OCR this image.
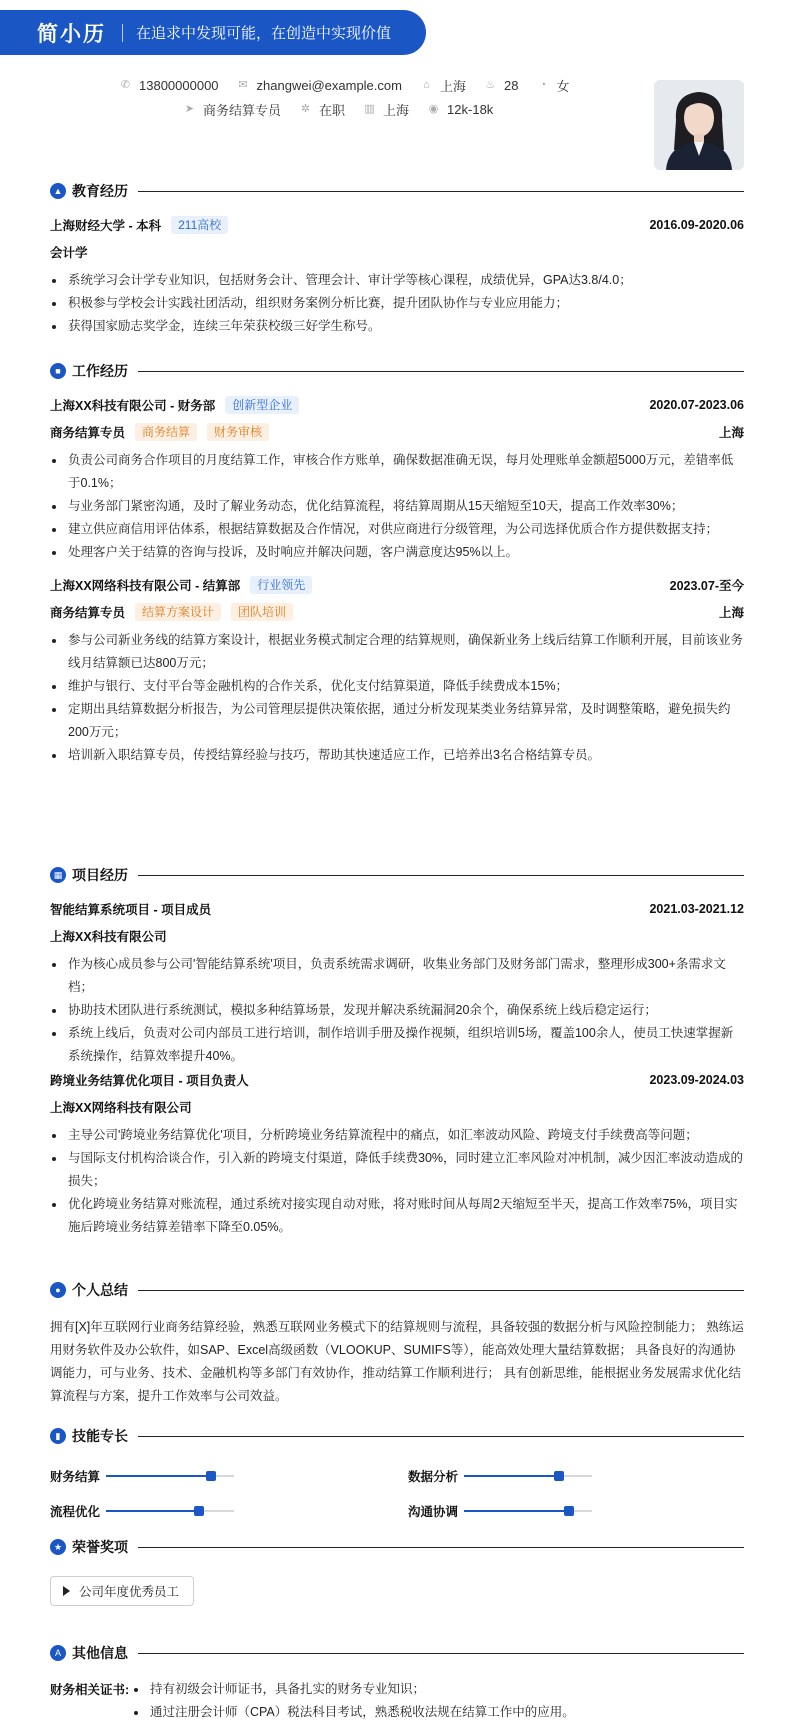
简小历 在追求中发现可能，在创造中实现价值
✆ 13800000000 ✉ zhangwei@example.com ⌂ 上海 ♨ 28 ◔ 女
➤ 商务结算专员 ✲ 在职 ▥ 上海 ◉ 12k-18k
▲ 教育经历
上海财经大学 - 本科	211高校	2016.09-2020.06
会计学
系统学习会计学专业知识，包括财务会计、管理会计、审计学等核心课程，成绩优异，GPA达3.8/4.0；
积极参与学校会计实践社团活动，组织财务案例分析比赛，提升团队协作与专业应用能力；
获得国家励志奖学金，连续三年荣获校级三好学生称号。
■ 工作经历
上海XX科技有限公司 - 财务部	创新型企业	2020.07-2023.06
商务结算专员	商务结算	财务审核	上海
负责公司商务合作项目的月度结算工作，审核合作方账单，确保数据准确无误，每月处理账单金额超5000万元，差错率低于0.1%；
与业务部门紧密沟通，及时了解业务动态，优化结算流程，将结算周期从15天缩短至10天，提高工作效率30%；
建立供应商信用评估体系，根据结算数据及合作情况，对供应商进行分级管理，为公司选择优质合作方提供数据支持；
处理客户关于结算的咨询与投诉，及时响应并解决问题，客户满意度达95%以上。
上海XX网络科技有限公司 - 结算部	行业领先	2023.07-至今
商务结算专员	结算方案设计	团队培训	上海
参与公司新业务线的结算方案设计，根据业务模式制定合理的结算规则，确保新业务上线后结算工作顺利开展，目前该业务线月结算额已达800万元；
维护与银行、支付平台等金融机构的合作关系，优化支付结算渠道，降低手续费成本15%；
定期出具结算数据分析报告，为公司管理层提供决策依据，通过分析发现某类业务结算异常，及时调整策略，避免损失约200万元；
培训新入职结算专员，传授结算经验与技巧，帮助其快速适应工作，已培养出3名合格结算专员。
▦ 项目经历
智能结算系统项目 - 项目成员	2021.03-2021.12
上海XX科技有限公司
作为核心成员参与公司'智能结算系统'项目，负责系统需求调研，收集业务部门及财务部门需求，整理形成300+条需求文档；
协助技术团队进行系统测试，模拟多种结算场景，发现并解决系统漏洞20余个，确保系统上线后稳定运行；
系统上线后，负责对公司内部员工进行培训，制作培训手册及操作视频，组织培训5场，覆盖100余人，使员工快速掌握新系统操作，结算效率提升40%。
跨境业务结算优化项目 - 项目负责人	2023.09-2024.03
上海XX网络科技有限公司
主导公司'跨境业务结算优化'项目，分析跨境业务结算流程中的痛点，如汇率波动风险、跨境支付手续费高等问题；
与国际支付机构洽谈合作，引入新的跨境支付渠道，降低手续费30%，同时建立汇率风险对冲机制，减少因汇率波动造成的损失；
优化跨境业务结算对账流程，通过系统对接实现自动对账，将对账时间从每周2天缩短至半天，提高工作效率75%，项目实施后跨境业务结算差错率下降至0.05%。
● 个人总结

拥有[X]年互联网行业商务结算经验，熟悉互联网业务模式下的结算规则与流程，具备较强的数据分析与风险控制能力； 熟练运用财务软件及办公软件，如SAP、Excel高级函数（VLOOKUP、SUMIFS等），能高效处理大量结算数据； 具备良好的沟通协调能力，可与业务、技术、金融机构等多部门有效协作，推动结算工作顺利进行； 具有创新思维，能根据业务发展需求优化结算流程与方案，提升工作效率与公司效益。

▮ 技能专长
财务结算	数据分析
流程优化	沟通协调
★ 荣誉奖项
公司年度优秀员工
A 其他信息
财务相关证书:	持有初级会计师证书，具备扎实的财务专业知识；
通过注册会计师（CPA）税法科目考试，熟悉税收法规在结算工作中的应用。
